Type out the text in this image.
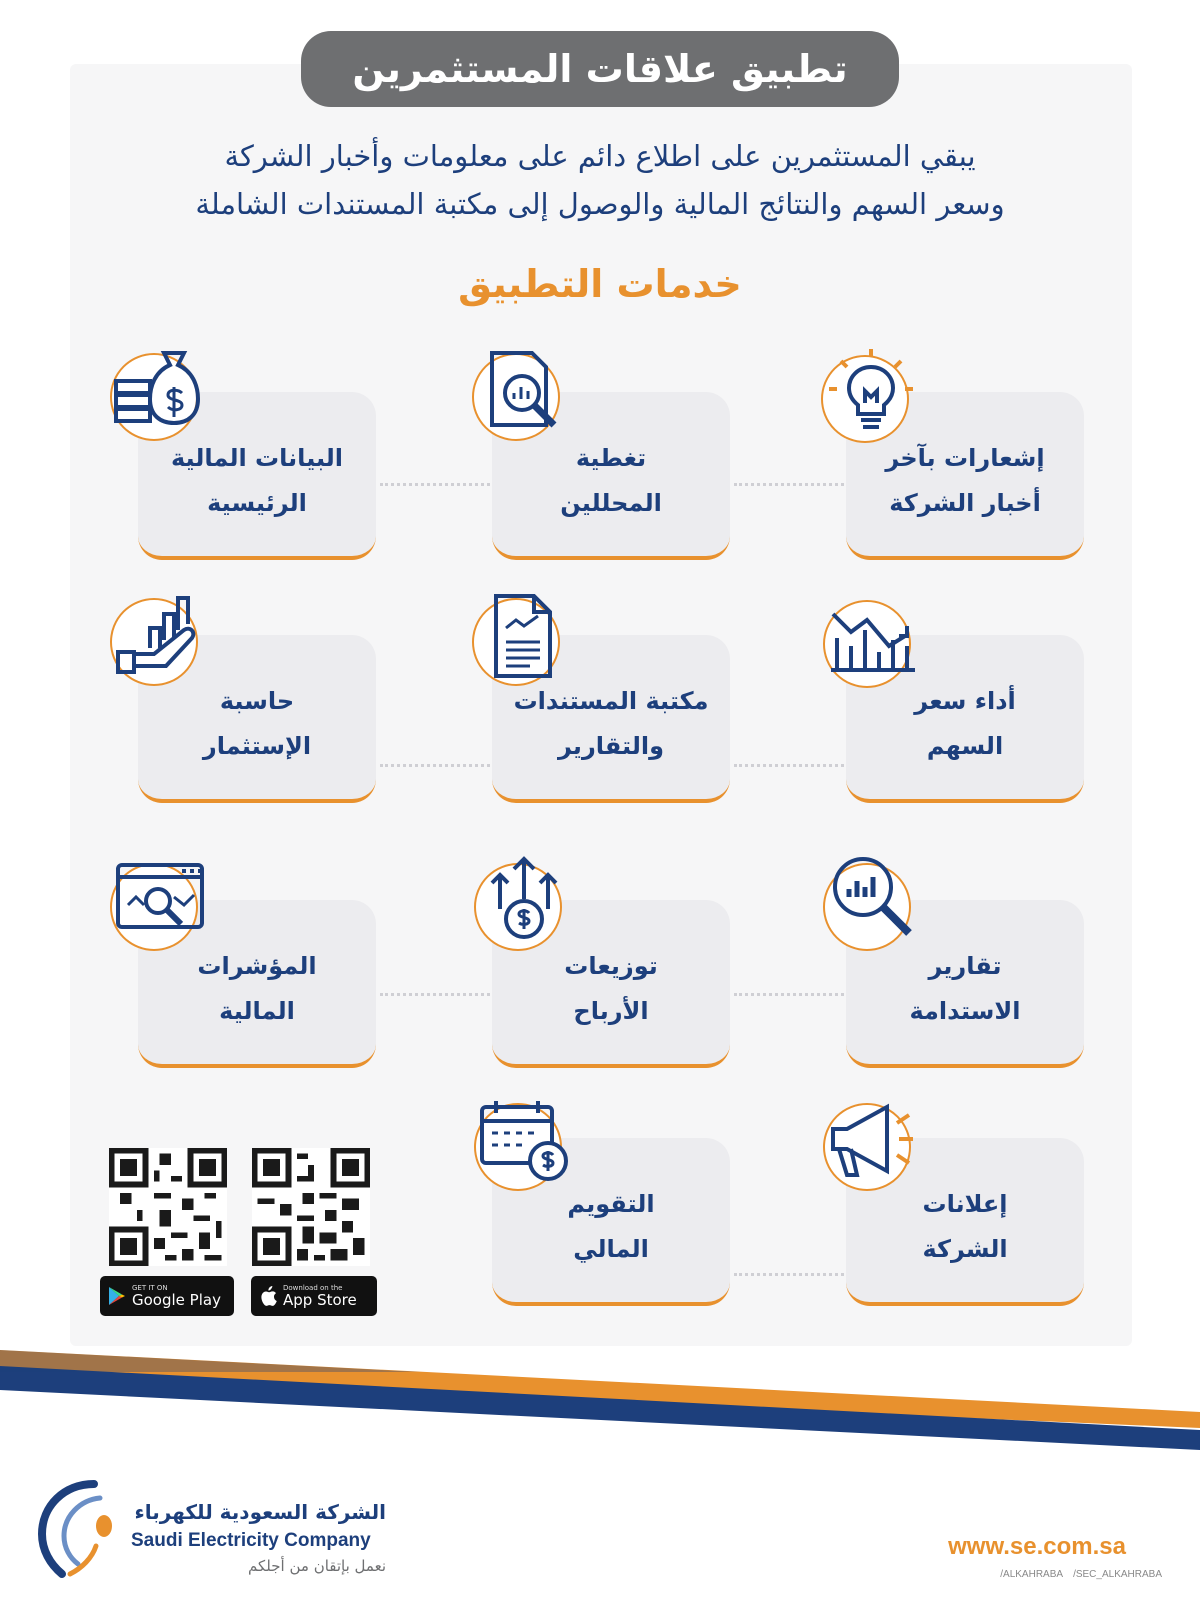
تطبيق علاقات المستثمرين
يبقي المستثمرين على اطلاع دائم على معلومات وأخبار الشركة
وسعر السهم والنتائج المالية والوصول إلى مكتبة المستندات الشاملة
خدمات التطبيق
إشعارات بآخر
أخبار الشركة
تغطية
المحللين
البيانات المالية
الرئيسية
أداء سعر
السهم
مكتبة المستندات
والتقارير
حاسبة
الإستثمار
تقارير
الاستدامة
توزيعات
الأرباح
المؤشرات
المالية
إعلانات
الشركة
التقويم
المالي
Download on the
App Store
GET IT ON
Google Play
الشركة السعودية للكهرباء
Saudi Electricity Company
نعمل بإتقان من أجلكم
www.se.com.sa
/ALKAHRABA /SEC_ALKAHRABA
